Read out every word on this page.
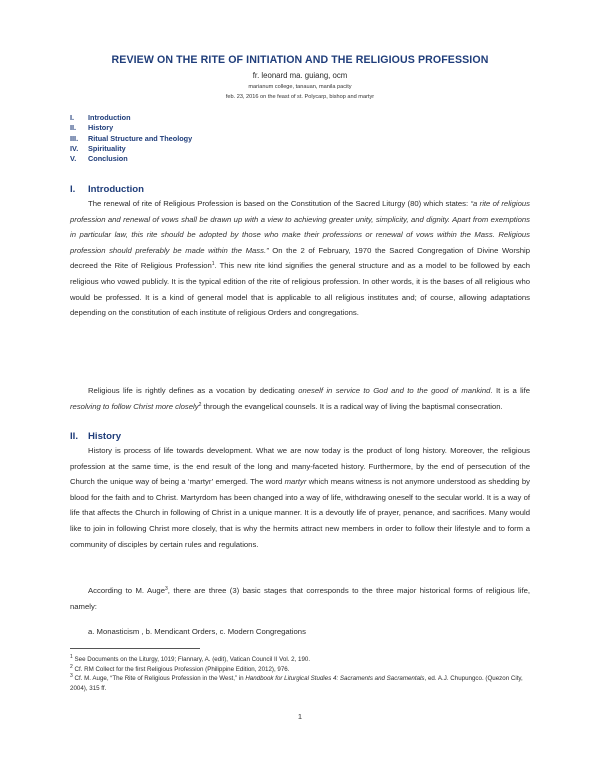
REVIEW ON THE RITE OF INITIATION AND THE RELIGIOUS PROFESSION
fr. leonard ma. guiang, ocm
marianum college, tanauan, manila pacity
feb. 23, 2016 on the feast of st. Polycarp, bishop and martyr
I. Introduction
II. History
III. Ritual Structure and Theology
IV. Spirituality
V. Conclusion
I. Introduction

The renewal of rite of Religious Profession is based on the Constitution of the Sacred Liturgy (80) which states: “a rite of religious profession and renewal of vows shall be drawn up with a view to achieving greater unity, simplicity, and dignity. Apart from exemptions in particular law, this rite should be adopted by those who make their professions or renewal of vows within the Mass. Religious profession should preferably be made within the Mass.” On the 2 of February, 1970 the Sacred Congregation of Divine Worship decreed the Rite of Religious Profession$^1$. This new rite kind signifies the general structure and as a model to be followed by each religious who vowed publicly. It is the typical edition of the rite of religious profession. In other words, it is the bases of all religious who would be professed. It is a kind of general model that is applicable to all religious institutes and; of course, allowing adaptations depending on the constitution of each institute of religious Orders and congregations.

Religious life is rightly defines as a vocation by dedicating oneself in service to God and to the good of mankind. It is a life resolving to follow Christ more closely$^2$ through the evangelical counsels. It is a radical way of living the baptismal consecration.

II. History

History is process of life towards development. What we are now today is the product of long history. Moreover, the religious profession at the same time, is the end result of the long and many-faceted history. Furthermore, by the end of persecution of the Church the unique way of being a ‘martyr’ emerged. The word martyr which means witness is not anymore understood as shedding by blood for the faith and to Christ. Martyrdom has been changed into a way of life, withdrawing oneself to the secular world. It is a way of life that affects the Church in following of Christ in a unique manner. It is a devoutly life of prayer, penance, and sacrifices. Many would like to join in following Christ more closely, that is why the hermits attract new members in order to follow their lifestyle and to form a community of disciples by certain rules and regulations.

According to M. Auge$^3$, there are three (3) basic stages that corresponds to the three major historical forms of religious life, namely:

a. Monasticism , b. Mendicant Orders, c. Modern Congregations

$^1$ See Documents on the Liturgy, 1019; Flannary, A. (edit), Vatican Council II Vol. 2, 190.

$^2$ Cf. RM Collect for the first Religious Profession (Philippine Edition, 2012), 976.

$^3$ Cf. M. Auge, “The Rite of Religious Profession in the West,” in Handbook for Liturgical Studies 4: Sacraments and Sacramentals, ed. A.J. Chupungco. (Quezon City, 2004), 315 ff.

1
